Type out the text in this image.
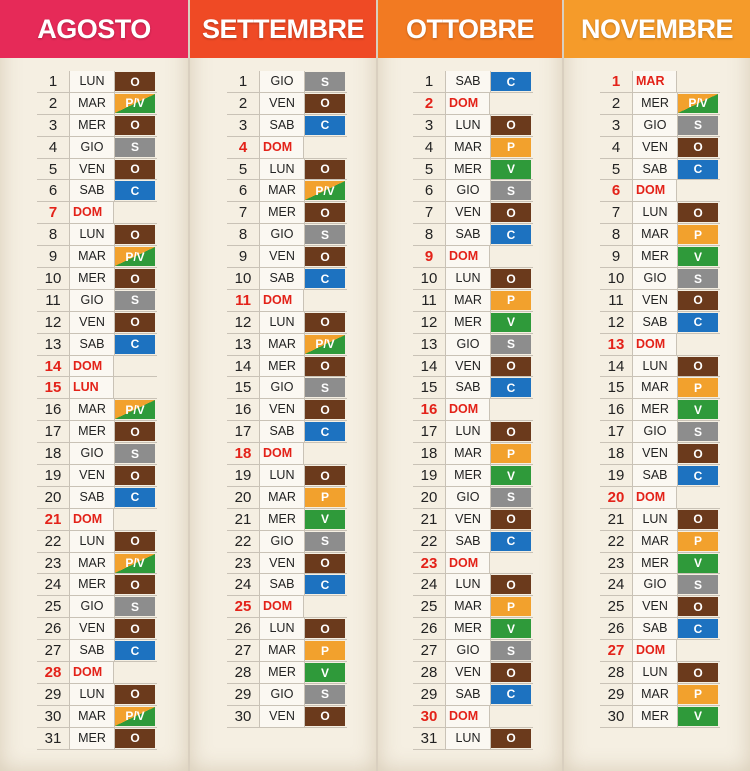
AGOSTO
1	LUN	O
2	MAR	P/V
3	MER	O
4	GIO	S
5	VEN	O
6	SAB	C
7	DOM
8	LUN	O
9	MAR	P/V
10	MER	O
11	GIO	S
12	VEN	O
13	SAB	C
14 DOM
15 LUN
16	MAR	P/V
17	MER	O
18	GIO	S
19	VEN	O
20	SAB	C
21 DOM
22	LUN	O
23	MAR	P/V
24	MER	O
25	GIO	S
26	VEN	O
27	SAB	C
28 DOM
29	LUN	O
30	MAR	P/V
31	MER	O
SETTEMBRE
1	GIO	S
2	VEN	O
3	SAB	C
4	DOM
5	LUN	O
6	MAR	P/V
7	MER	O
8	GIO	S
9	VEN	O
10	SAB	C
11 DOM
12	LUN	O
13	MAR	P/V
14	MER	O
15	GIO	S
16	VEN	O
17	SAB	C
18 DOM
19	LUN	O
20	MAR	P
21	MER	V
22	GIO	S
23	VEN	O
24	SAB	C
25 DOM
26	LUN	O
27	MAR	P
28	MER	V
29	GIO	S
30	VEN	O
OTTOBRE
1	SAB	C
2	DOM
3	LUN	O
4	MAR	P
5	MER	V
6	GIO	S
7	VEN	O
8	SAB	C
9	DOM
10	LUN	O
11	MAR	P
12	MER	V
13	GIO	S
14	VEN	O
15	SAB	C
16 DOM
17	LUN	O
18	MAR	P
19	MER	V
20	GIO	S
21	VEN	O
22	SAB	C
23 DOM
24	LUN	O
25	MAR	P
26	MER	V
27	GIO	S
28	VEN	O
29	SAB	C
30 DOM
31	LUN	O
NOVEMBRE
1	MAR
2	MER	P/V
3	GIO	S
4	VEN	O
5	SAB	C
6	DOM
7	LUN	O
8	MAR	P
9	MER	V
10	GIO	S
11	VEN	O
12	SAB	C
13 DOM
14	LUN	O
15	MAR	P
16	MER	V
17	GIO	S
18	VEN	O
19	SAB	C
20 DOM
21	LUN	O
22	MAR	P
23	MER	V
24	GIO	S
25	VEN	O
26	SAB	C
27 DOM
28	LUN	O
29	MAR	P
30	MER	V
